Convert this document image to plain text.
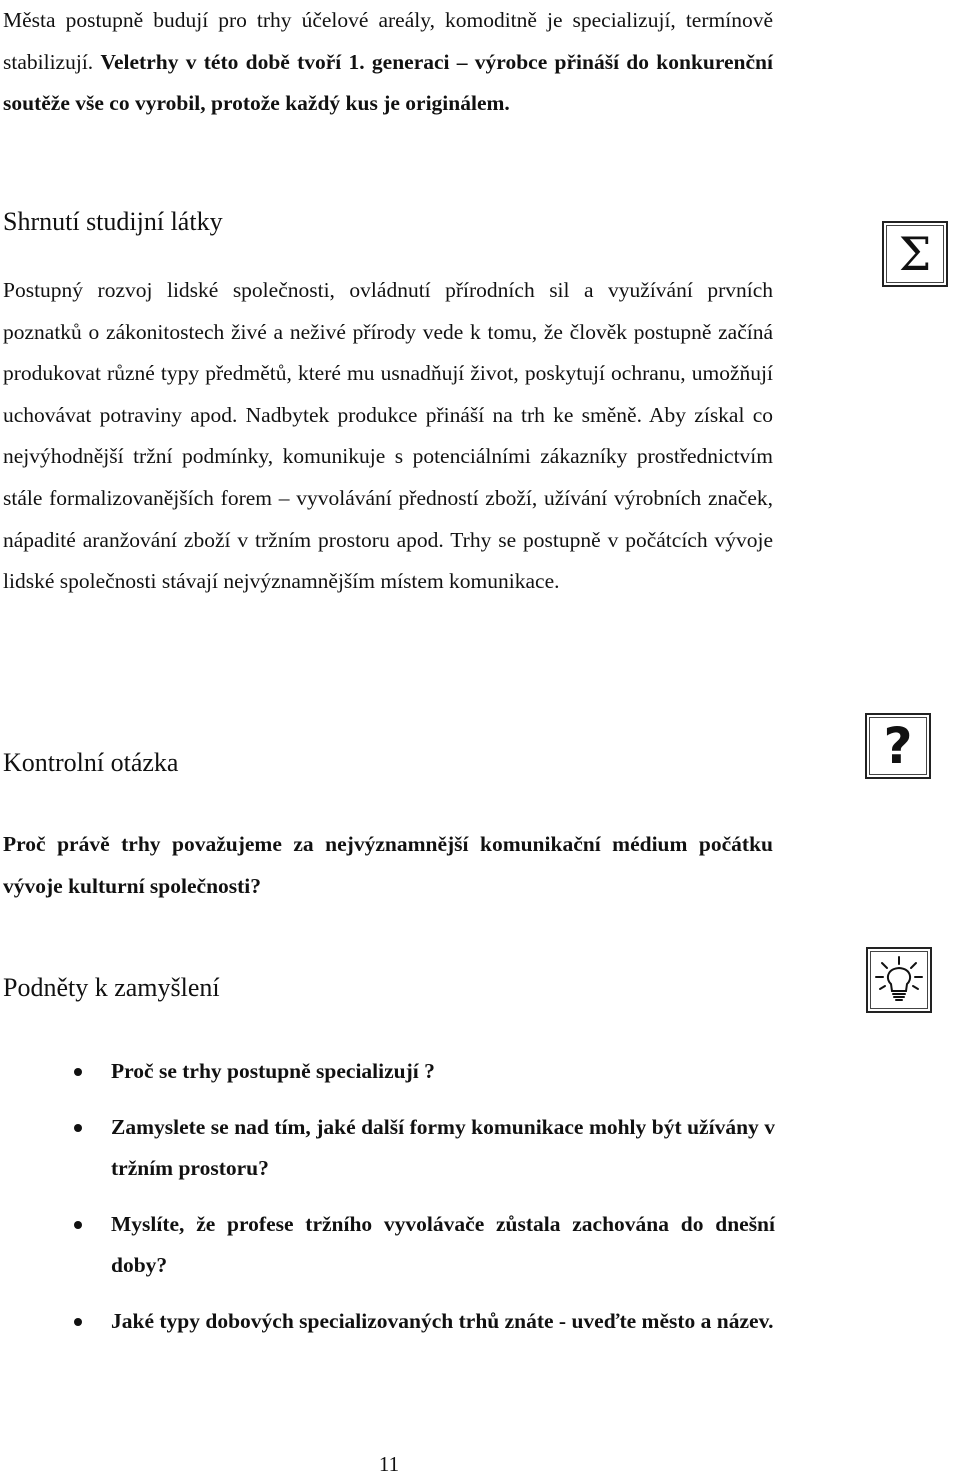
Města postupně budují pro trhy účelové areály, komoditně je specializují, termínově stabilizují. Veletrhy v této době tvoří 1. generaci – výrobce přináší do konkurenční soutěže vše co vyrobil, protože každý kus je originálem.

Shrnutí studijní látky
Σ

Postupný rozvoj lidské společnosti, ovládnutí přírodních sil a využívání prvních poznatků o zákonitostech živé a neživé přírody vede k tomu, že člověk postupně začíná produkovat různé typy předmětů, které mu usnadňují život, poskytují ochranu, umožňují uchovávat potraviny apod. Nadbytek produkce přináší na trh ke směně. Aby získal co nejvýhodnější tržní podmínky, komunikuje s potenciálními zákazníky prostřednictvím stále formalizovanějších forem – vyvolávání předností zboží, užívání výrobních značek, nápadité aranžování zboží v tržním prostoru apod. Trhy se postupně v počátcích vývoje lidské společnosti stávají nejvýznamnějším místem komunikace.

Kontrolní otázka	?

Proč právě trhy považujeme za nejvýznamnější komunikační médium počátku vývoje kulturní společnosti?

Podněty k zamyšlení
Proč se trhy postupně specializují ?
Zamyslete se nad tím, jaké další formy komunikace mohly být užívány v tržním prostoru?
Myslíte, že profese tržního vyvolávače zůstala zachována do dnešní doby?
Jaké typy dobových specializovaných trhů znáte - uveďte město a název.

11
